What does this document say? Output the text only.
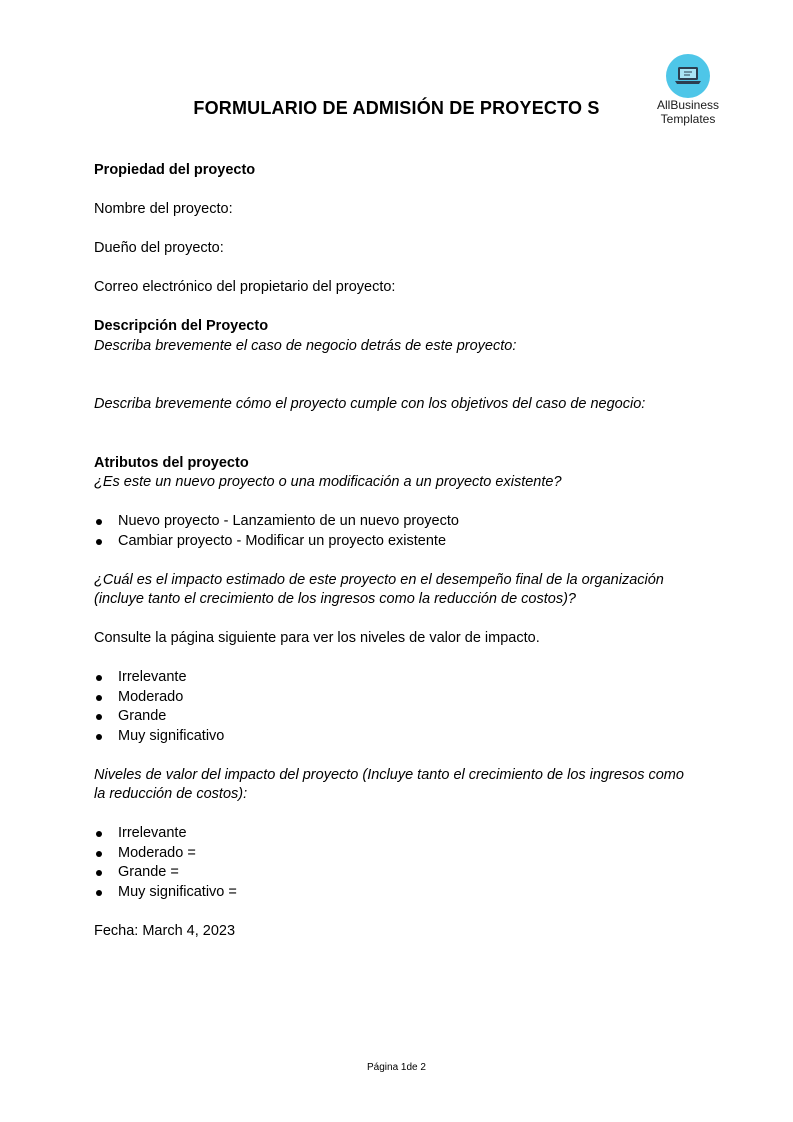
AllBusiness
Templates
FORMULARIO DE ADMISIÓN DE PROYECTO S

Propiedad del proyecto

Nombre del proyecto:

Dueño del proyecto:

Correo electrónico del propietario del proyecto:

Descripción del Proyecto

Describa brevemente el caso de negocio detrás de este proyecto:

Describa brevemente cómo el proyecto cumple con los objetivos del caso de negocio:

Atributos del proyecto

¿Es este un nuevo proyecto o una modificación a un proyecto existente?

Nuevo proyecto - Lanzamiento de un nuevo proyecto
Cambiar proyecto - Modificar un proyecto existente

¿Cuál es el impacto estimado de este proyecto en el desempeño final de la organización

(incluye tanto el crecimiento de los ingresos como la reducción de costos)?

Consulte la página siguiente para ver los niveles de valor de impacto.

Irrelevante
Moderado
Grande
Muy significativo

Niveles de valor del impacto del proyecto (Incluye tanto el crecimiento de los ingresos como

la reducción de costos):

Irrelevante
Moderado =
Grande =
Muy significativo =

Fecha: March 4, 2023

Página 1de 2
